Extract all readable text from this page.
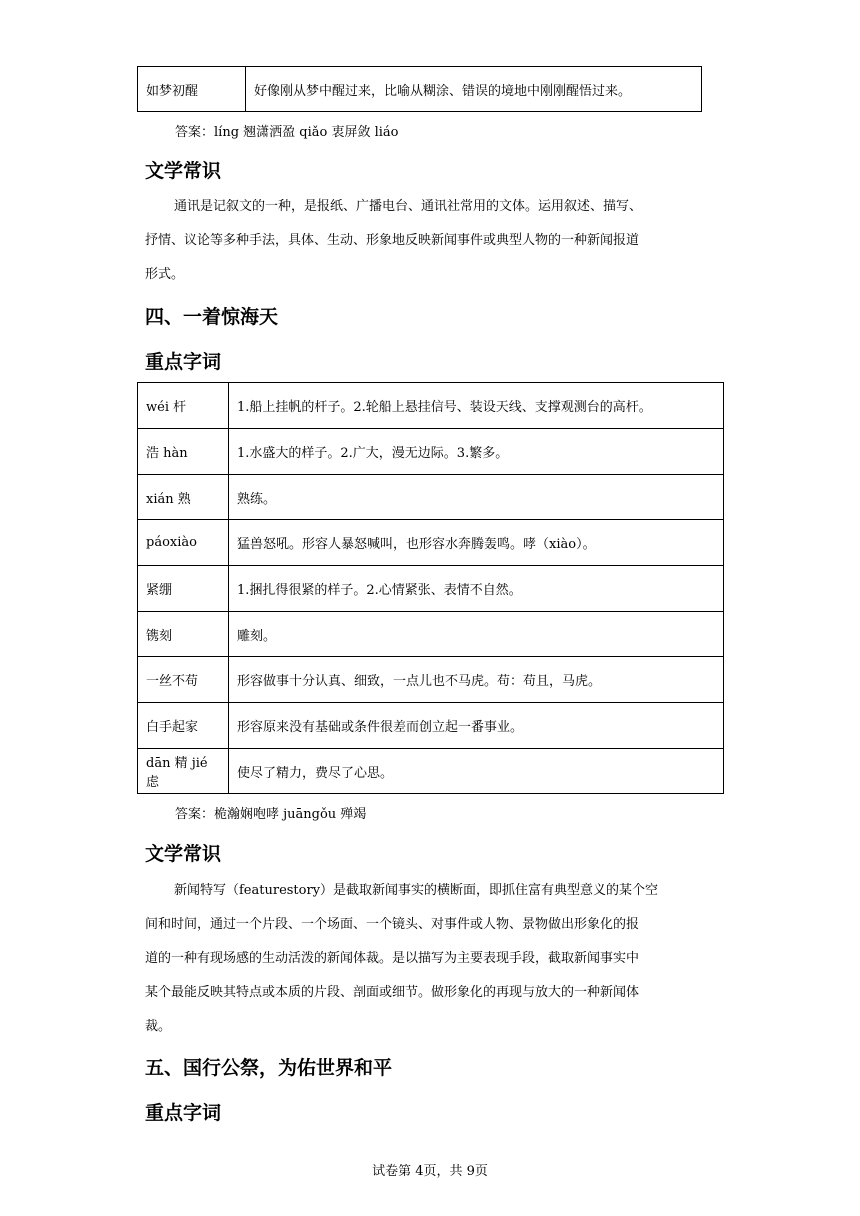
如梦初醒	好像刚从梦中醒过来，比喻从糊涂、错误的境地中刚刚醒悟过来。
答案：líng 翘潇洒盈 qiǎo 衷屏敛 liáo
文学常识
通讯是记叙文的一种，是报纸、广播电台、通讯社常用的文体。运用叙述、描写、
抒情、议论等多种手法，具体、生动、形象地反映新闻事件或典型人物的一种新闻报道
形式。
四、一着惊海天
重点字词
wéi 杆	1.船上挂帆的杆子。2.轮船上悬挂信号、装设天线、支撑观测台的高杆。
浩 hàn	1.水盛大的样子。2.广大，漫无边际。3.繁多。
xián 熟	熟练。
páoxiào	猛兽怒吼。形容人暴怒喊叫，也形容水奔腾轰鸣。哮（xiào）。
紧绷	1.捆扎得很紧的样子。2.心情紧张、表情不自然。
镌刻	雕刻。
一丝不苟	形容做事十分认真、细致，一点儿也不马虎。苟：苟且，马虎。
白手起家	形容原来没有基础或条件很差而创立起一番事业。
dān 精 jié虑	使尽了精力，费尽了心思。
答案：桅瀚娴咆哮 juāngǒu 殚竭
文学常识
新闻特写（featurestory）是截取新闻事实的横断面，即抓住富有典型意义的某个空
间和时间，通过一个片段、一个场面、一个镜头、对事件或人物、景物做出形象化的报
道的一种有现场感的生动活泼的新闻体裁。是以描写为主要表现手段，截取新闻事实中
某个最能反映其特点或本质的片段、剖面或细节。做形象化的再现与放大的一种新闻体
裁。
五、国行公祭，为佑世界和平
重点字词
试卷第 4页，共 9页
